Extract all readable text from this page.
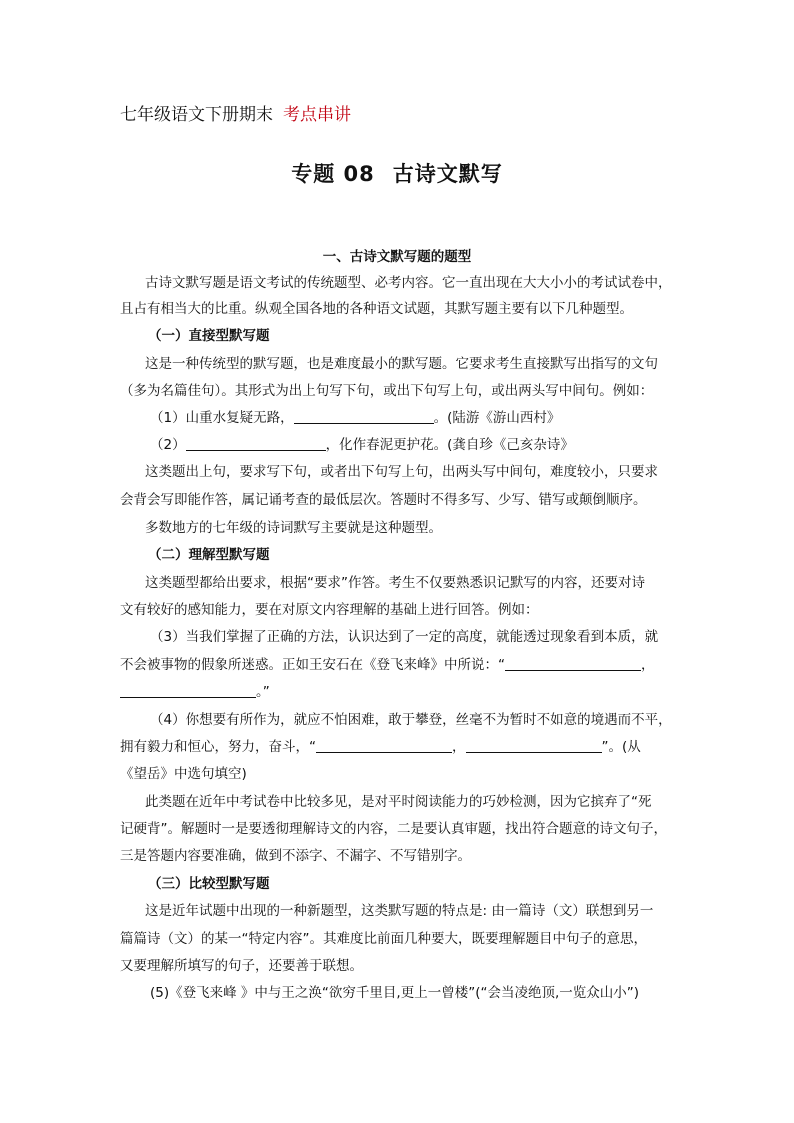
七年级语文下册期末 考点串讲
专题 08 古诗文默写
一、古诗文默写题的题型
古诗文默写题是语文考试的传统题型、必考内容。它一直出现在大大小小的考试试卷中，
且占有相当大的比重。纵观全国各地的各种语文试题，其默写题主要有以下几种题型。
（一）直接型默写题
这是一种传统型的默写题，也是难度最小的默写题。它要求考生直接默写出指写的文句
（多为名篇佳句）。其形式为出上句写下句，或出下句写上句，或出两头写中间句。例如：
（1）山重水复疑无路，	。(陆游《游山西村》
（2）	，化作春泥更护花。(龚自珍《己亥杂诗》
这类题出上句，要求写下句，或者出下句写上句，出两头写中间句，难度较小，只要求
会背会写即能作答，属记诵考查的最低层次。答题时不得多写、少写、错写或颠倒顺序。
多数地方的七年级的诗词默写主要就是这种题型。
（二）理解型默写题
这类题型都给出要求，根据“要求”作答。考生不仅要熟悉识记默写的内容，还要对诗
文有较好的感知能力，要在对原文内容理解的基础上进行回答。例如：
（3）当我们掌握了正确的方法，认识达到了一定的高度，就能透过现象看到本质，就
不会被事物的假象所迷惑。正如王安石在《登飞来峰》中所说：“	，
。”
（4）你想要有所作为，就应不怕困难，敢于攀登，丝毫不为暂时不如意的境遇而不平，
拥有毅力和恒心，努力，奋斗，“	，	”。(从
《望岳》中选句填空)
此类题在近年中考试卷中比较多见，是对平时阅读能力的巧妙检测，因为它摈弃了“死
记硬背”。解题时一是要透彻理解诗文的内容，二是要认真审题，找出符合题意的诗文句子，
三是答题内容要准确，做到不添字、不漏字、不写错别字。
（三）比较型默写题
这是近年试题中出现的一种新题型，这类默写题的特点是: 由一篇诗（文）联想到另一
篇篇诗（文）的某一“特定内容”。其难度比前面几种要大，既要理解题目中句子的意思，
又要理解所填写的句子，还要善于联想。
(5)《登飞来峰 》中与王之涣“欲穷千里目,更上一曾楼”(“会当凌绝顶,一览众山小”)
